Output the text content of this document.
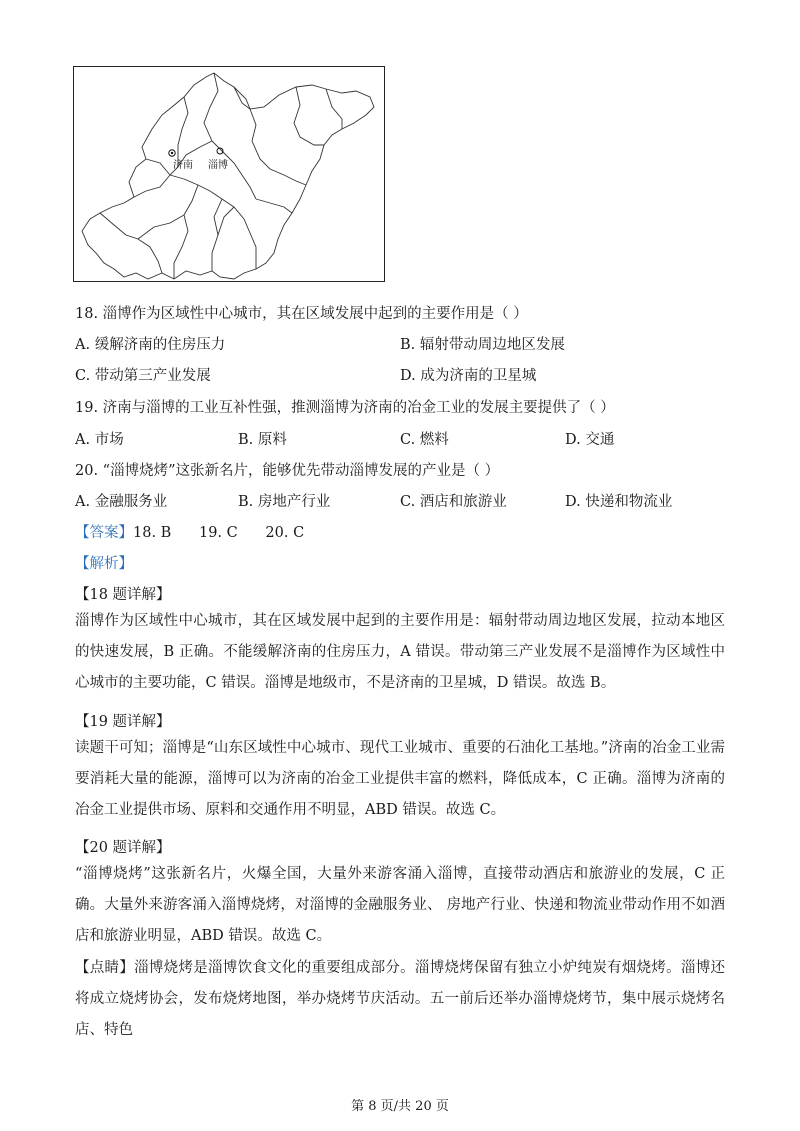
济南 淄博
18. 淄博作为区域性中心城市，其在区域发展中起到的主要作用是（ ）
A. 缓解济南的住房压力	B. 辐射带动周边地区发展
C. 带动第三产业发展	D. 成为济南的卫星城
19. 济南与淄博的工业互补性强，推测淄博为济南的冶金工业的发展主要提供了（ ）
A. 市场	B. 原料	C. 燃料	D. 交通
20. “淄博烧烤”这张新名片，能够优先带动淄博发展的产业是（ ）
A. 金融服务业	B. 房地产行业	C. 酒店和旅游业	D. 快递和物流业
【答案】18. B      19. C      20. C
【解析】
【18 题详解】
淄博作为区域性中心城市，其在区域发展中起到的主要作用是：辐射带动周边地区发展，拉动本地区的快速发展，B 正确。不能缓解济南的住房压力，A 错误。带动第三产业发展不是淄博作为区域性中心城市的主要功能，C 错误。淄博是地级市，不是济南的卫星城，D 错误。故选 B。
【19 题详解】
读题干可知；淄博是“山东区域性中心城市、现代工业城市、重要的石油化工基地。”济南的冶金工业需要消耗大量的能源，淄博可以为济南的冶金工业提供丰富的燃料，降低成本，C 正确。淄博为济南的冶金工业提供市场、原料和交通作用不明显，ABD 错误。故选 C。
【20 题详解】
“淄博烧烤”这张新名片，火爆全国，大量外来游客涌入淄博，直接带动酒店和旅游业的发展，C 正确。大量外来游客涌入淄博烧烤，对淄博的金融服务业、 房地产行业、快递和物流业带动作用不如酒店和旅游业明显，ABD 错误。故选 C。
【点睛】淄博烧烤是淄博饮食文化的重要组成部分。淄博烧烤保留有独立小炉纯炭有烟烧烤。淄博还将成立烧烤协会，发布烧烤地图，举办烧烤节庆活动。五一前后还举办淄博烧烤节，集中展示烧烤名店、特色
第 8 页/共 20 页
